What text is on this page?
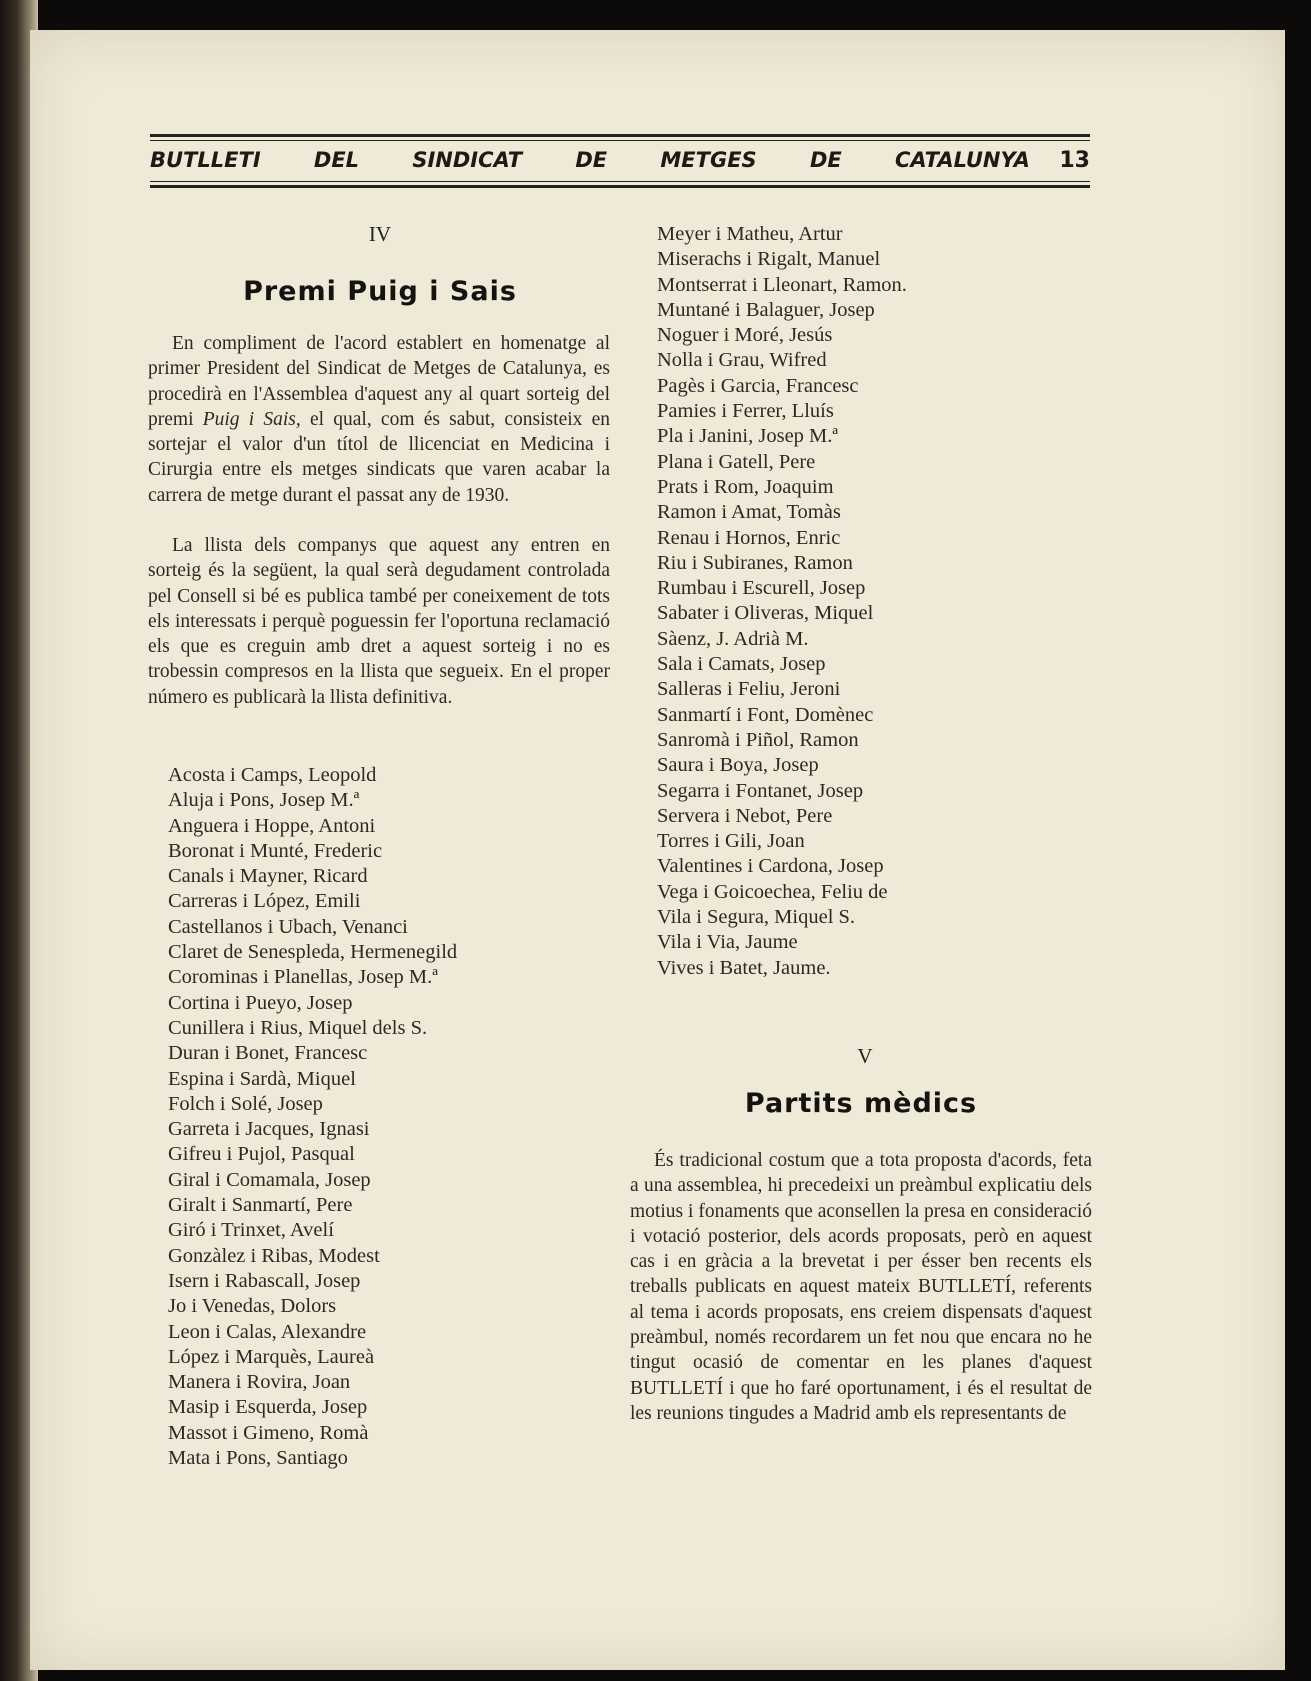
BUTLLETI	DEL	SINDICAT	DE	METGES	DE	CATALUNYA 13
IV
Premi Puig i Sais

En compliment de l'acord establert en homenatge al primer President del Sindicat de Metges de Catalunya, es procedirà en l'Assemblea d'aquest any al quart sorteig del premi Puig i Sais, el qual, com és sabut, consisteix en sortejar el valor d'un títol de llicenciat en Medicina i Cirurgia entre els metges sindicats que varen acabar la carrera de metge durant el passat any de 1930.

La llista dels companys que aquest any entren en sorteig és la següent, la qual serà degudament controlada pel Consell si bé es publica també per coneixement de tots els interessats i perquè poguessin fer l'oportuna reclamació els que es creguin amb dret a aquest sorteig i no es trobessin compresos en la llista que segueix. En el proper número es publicarà la llista definitiva.

Acosta i Camps, Leopold
Aluja i Pons, Josep M.ª
Anguera i Hoppe, Antoni
Boronat i Munté, Frederic
Canals i Mayner, Ricard
Carreras i López, Emili
Castellanos i Ubach, Venanci
Claret de Senespleda, Hermenegild
Corominas i Planellas, Josep M.ª
Cortina i Pueyo, Josep
Cunillera i Rius, Miquel dels S.
Duran i Bonet, Francesc
Espina i Sardà, Miquel
Folch i Solé, Josep
Garreta i Jacques, Ignasi
Gifreu i Pujol, Pasqual
Giral i Comamala, Josep
Giralt i Sanmartí, Pere
Giró i Trinxet, Avelí
Gonzàlez i Ribas, Modest
Isern i Rabascall, Josep
Jo i Venedas, Dolors
Leon i Calas, Alexandre
López i Marquès, Laureà
Manera i Rovira, Joan
Masip i Esquerda, Josep
Massot i Gimeno, Romà
Mata i Pons, Santiago
Meyer i Matheu, Artur
Miserachs i Rigalt, Manuel
Montserrat i Lleonart, Ramon.
Muntané i Balaguer, Josep
Noguer i Moré, Jesús
Nolla i Grau, Wifred
Pagès i Garcia, Francesc
Pamies i Ferrer, Lluís
Pla i Janini, Josep M.ª
Plana i Gatell, Pere
Prats i Rom, Joaquim
Ramon i Amat, Tomàs
Renau i Hornos, Enric
Riu i Subiranes, Ramon
Rumbau i Escurell, Josep
Sabater i Oliveras, Miquel
Sàenz, J. Adrià M.
Sala i Camats, Josep
Salleras i Feliu, Jeroni
Sanmartí i Font, Domènec
Sanromà i Piñol, Ramon
Saura i Boya, Josep
Segarra i Fontanet, Josep
Servera i Nebot, Pere
Torres i Gili, Joan
Valentines i Cardona, Josep
Vega i Goicoechea, Feliu de
Vila i Segura, Miquel S.
Vila i Via, Jaume
Vives i Batet, Jaume.
V
Partits mèdics

És tradicional costum que a tota proposta d'acords, feta a una assemblea, hi precedeixi un preàmbul explicatiu dels motius i fonaments que aconsellen la presa en consideració i votació posterior, dels acords proposats, però en aquest cas i en gràcia a la brevetat i per ésser ben recents els treballs publicats en aquest mateix BUTLLETÍ, referents al tema i acords proposats, ens creiem dispensats d'aquest preàmbul, només recordarem un fet nou que encara no he tingut ocasió de comentar en les planes d'aquest BUTLLETÍ i que ho faré oportunament, i és el resultat de les reunions tingudes a Madrid amb els representants de
